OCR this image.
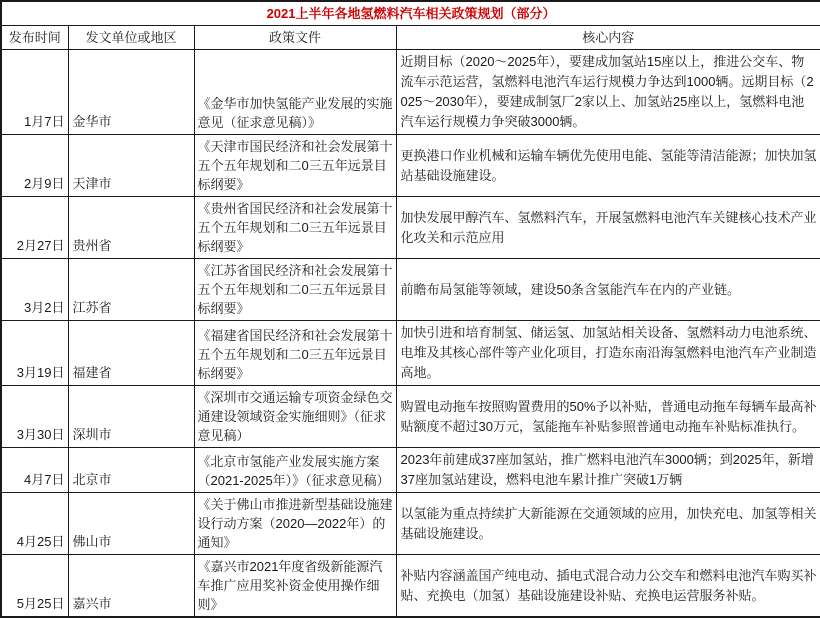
2021上半年各地氢燃料汽车相关政策规划（部分）			
发布时间	发文单位或地区	政策文件	核心内容
1月7日	金华市	《金华市加快氢能产业发展的实施意见（征求意见稿）》	近期目标（2020～2025年），要建成加氢站15座以上，推进公交车、物流车示范运营，氢燃料电池汽车运行规模力争达到1000辆。远期目标（2025～2030年），要建成制氢厂2家以上、加氢站25座以上，氢燃料电池汽车运行规模力争突破3000辆。
2月9日	天津市	《天津市国民经济和社会发展第十五个五年规划和二0三五年远景目标纲要》	更换港口作业机械和运输车辆优先使用电能、氢能等清洁能源；加快加氢站基础设施建设。
2月27日	贵州省	《贵州省国民经济和社会发展第十五个五年规划和二0三五年远景目标纲要》	加快发展甲醇汽车、氢燃料汽车，开展氢燃料电池汽车关键核心技术产业化攻关和示范应用
3月2日	江苏省	《江苏省国民经济和社会发展第十五个五年规划和二0三五年远景目标纲要》	前瞻布局氢能等领域，建设50条含氢能汽车在内的产业链。
3月19日	福建省	《福建省国民经济和社会发展第十五个五年规划和二0三五年远景目标纲要》	加快引进和培育制氢、储运氢、加氢站相关设备、氢燃料动力电池系统、电堆及其核心部件等产业化项目，打造东南沿海氢燃料电池汽车产业制造高地。
3月30日	深圳市	《深圳市交通运输专项资金绿色交通建设领域资金实施细则》（征求意见稿）	购置电动拖车按照购置费用的50%予以补贴，普通电动拖车每辆车最高补贴额度不超过30万元，氢能拖车补贴参照普通电动拖车补贴标准执行。
4月7日	北京市	《北京市氢能产业发展实施方案（2021-2025年）》（征求意见稿）	2023年前建成37座加氢站，推广燃料电池汽车3000辆；到2025年，新增37座加氢站建设，燃料电池车累计推广突破1万辆
4月25日	佛山市	《关于佛山市推进新型基础设施建设行动方案（2020—2022年）的通知》	以氢能为重点持续扩大新能源在交通领域的应用，加快充电、加氢等相关基础设施建设。
5月25日	嘉兴市	《嘉兴市2021年度省级新能源汽车推广应用奖补资金使用操作细则》	补贴内容涵盖国产纯电动、插电式混合动力公交车和燃料电池汽车购买补贴、充换电（加氢）基础设施建设补贴、充换电运营服务补贴。
